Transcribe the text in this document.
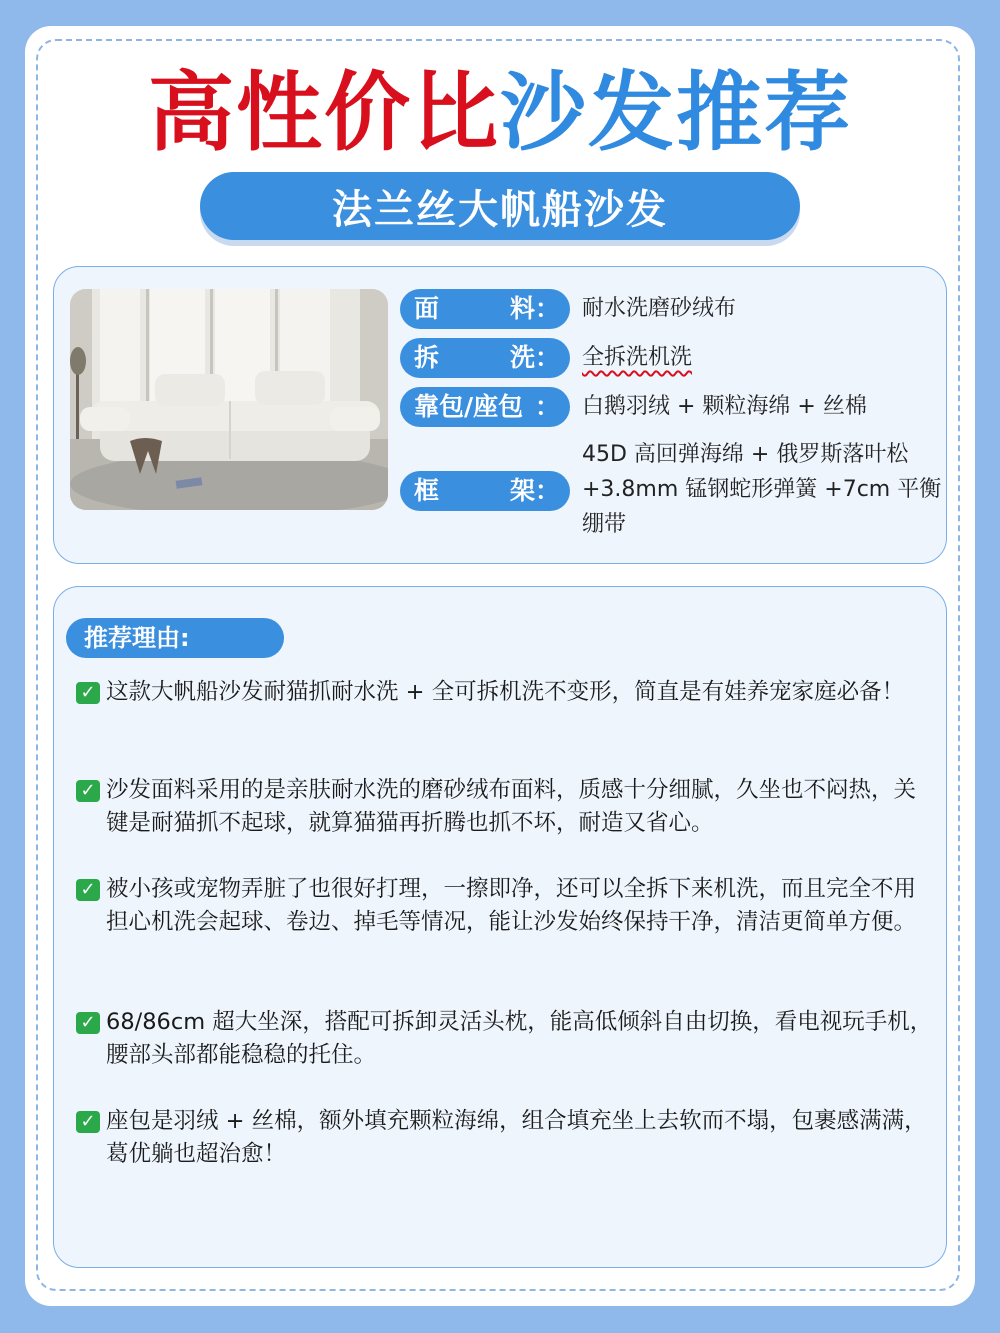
高性价比沙发推荐
法兰丝大帆船沙发
面	料： 耐水洗磨砂绒布
拆	洗： 全拆洗机洗
靠包/座包 ： 白鹅羽绒 + 颗粒海绵 + 丝棉
框	架：
45D 高回弹海绵 + 俄罗斯落叶松 +3.8mm 锰钢蛇形弹簧 +7cm 平衡绷带
推荐理由:
✓ 这款大帆船沙发耐猫抓耐水洗 + 全可拆机洗不变形，简直是有娃养宠家庭必备！
✓ 沙发面料采用的是亲肤耐水洗的磨砂绒布面料，质感十分细腻，久坐也不闷热，关键是耐猫抓不起球，就算猫猫再折腾也抓不坏，耐造又省心。
✓ 被小孩或宠物弄脏了也很好打理，一擦即净，还可以全拆下来机洗，而且完全不用担心机洗会起球、卷边、掉毛等情况，能让沙发始终保持干净，清洁更简单方便。
✓ 68/86cm 超大坐深，搭配可拆卸灵活头枕，能高低倾斜自由切换，看电视玩手机，腰部头部都能稳稳的托住。
✓ 座包是羽绒 + 丝棉，额外填充颗粒海绵，组合填充坐上去软而不塌，包裹感满满，葛优躺也超治愈！
